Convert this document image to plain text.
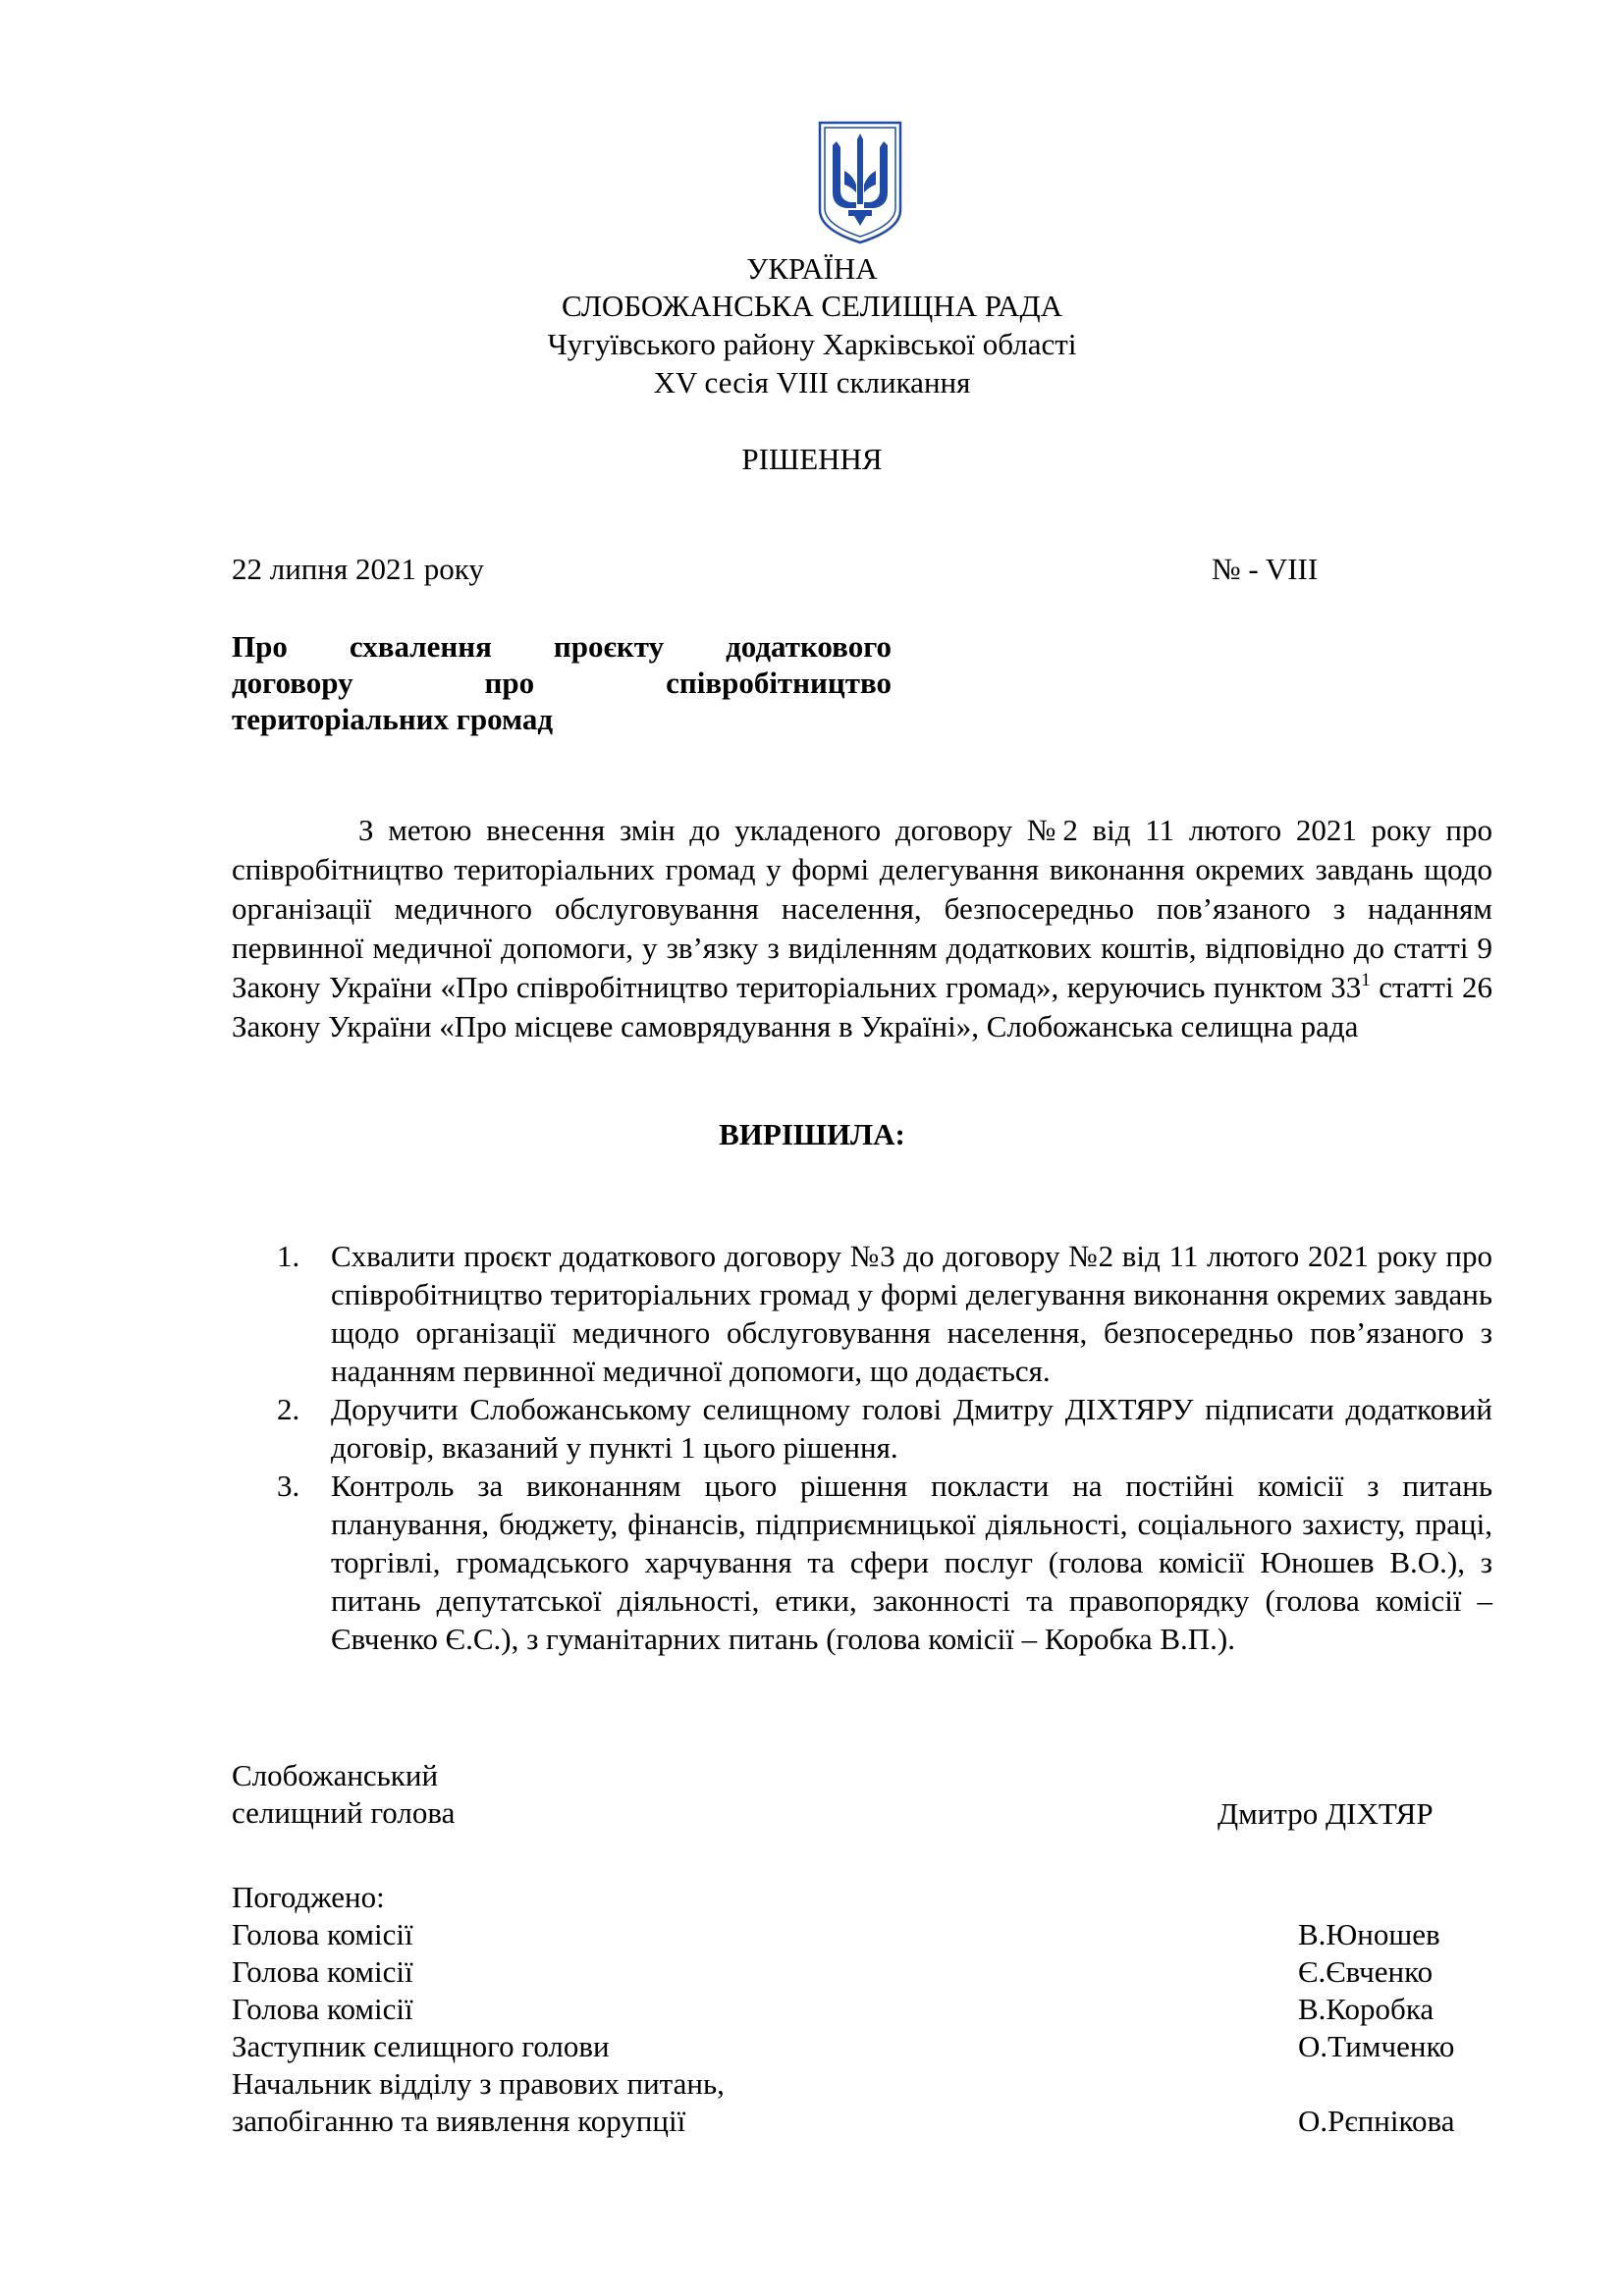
УКРАЇНА
СЛОБОЖАНСЬКА СЕЛИЩНА РАДА
Чугуївського району Харківської області
XV сесія VIII скликання
РІШЕННЯ
22 липня 2021 року	№ - VIII
Про схвалення проєкту додаткового
договору про співробітництво
територіальних громад
З метою внесення змін до укладеного договору №2 від 11 лютого 2021 року про співробітництво територіальних громад у формі делегування виконання окремих завдань щодо організації медичного обслуговування населення, безпосередньо пов’язаного з наданням первинної медичної допомоги, у зв’язку з виділенням додаткових коштів, відповідно до статті 9 Закону України «Про співробітництво територіальних громад», керуючись пунктом $33^1$ статті 26 Закону України «Про місцеве самоврядування в Україні», Слобожанська селищна рада
ВИРІШИЛА:
1. Схвалити проєкт додаткового договору №3 до договору №2 від 11 лютого 2021 року про співробітництво територіальних громад у формі делегування виконання окремих завдань щодо організації медичного обслуговування населення, безпосередньо пов’язаного з наданням первинної медичної допомоги, що додається.
2. Доручити Слобожанському селищному голові Дмитру ДІХТЯРУ підписати додатковий договір, вказаний у пункті 1 цього рішення.
3. Контроль за виконанням цього рішення покласти на постійні комісії з питань планування, бюджету, фінансів, підприємницької діяльності, соціального захисту, праці, торгівлі, громадського харчування та сфери послуг (голова комісії Юношев В.О.), з питань депутатської діяльності, етики, законності та правопорядку (голова комісії – Євченко Є.С.), з гуманітарних питань (голова комісії – Коробка В.П.).
Слобожанський
селищний голова	Дмитро ДІХТЯР
Погоджено:
Голова комісії	В.Юношев
Голова комісії	Є.Євченко
Голова комісії	В.Коробка
Заступник селищного голови	О.Тимченко
Начальник відділу з правових питань,
запобіганню та виявлення корупції	О.Рєпнікова
